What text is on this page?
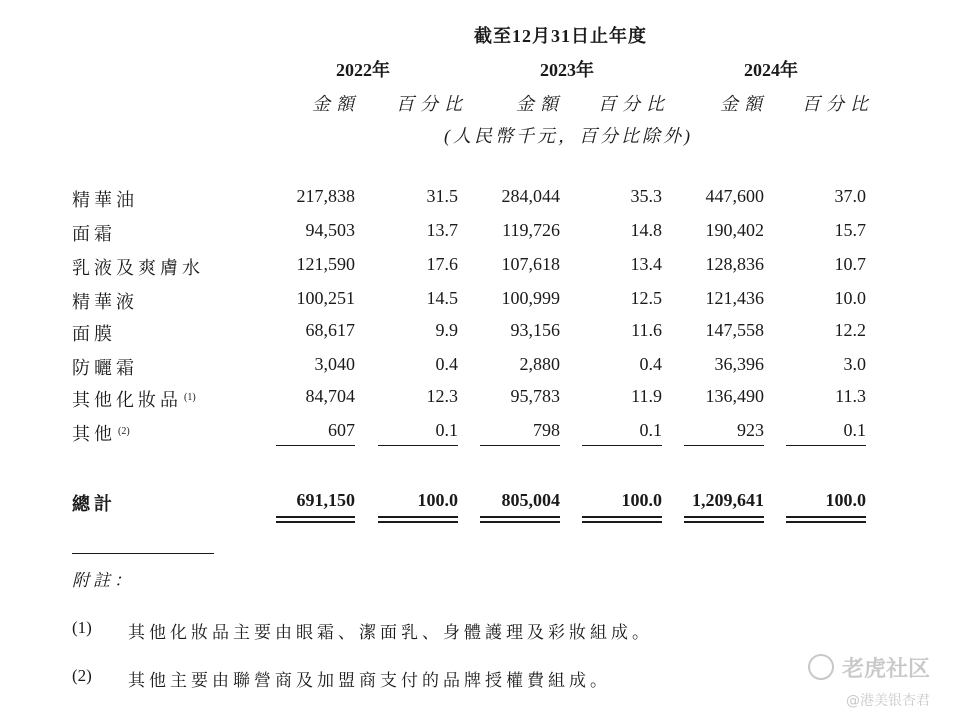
截至12月31日止年度
2022年	2023年	2024年
金額 百分比	金額 百分比	金額 百分比
(人民幣千元，百分比除外)
精華油	217,838	31.5	284,044	35.3	447,600	37.0
面霜	94,503	13.7	119,726	14.8	190,402	15.7
乳液及爽膚水	121,590	17.6	107,618	13.4	128,836	10.7
精華液	100,251	14.5	100,999	12.5	121,436	10.0
面膜	68,617	9.9	93,156	11.6	147,558	12.2
防曬霜	3,040	0.4	2,880	0.4	36,396	3.0
其他化妝品 $^{(1)}$	84,704	12.3	95,783	11.9	136,490	11.3
其他 $^{(2)}$	607	0.1	798	0.1	923	0.1
總計	691,150	100.0	805,004	100.0	1,209,641	100.0
附註：
(1) 其他化妝品主要由眼霜、潔面乳、身體護理及彩妝組成。
(2) 其他主要由聯營商及加盟商支付的品牌授權費組成。	老虎社区
@港美银杏君
